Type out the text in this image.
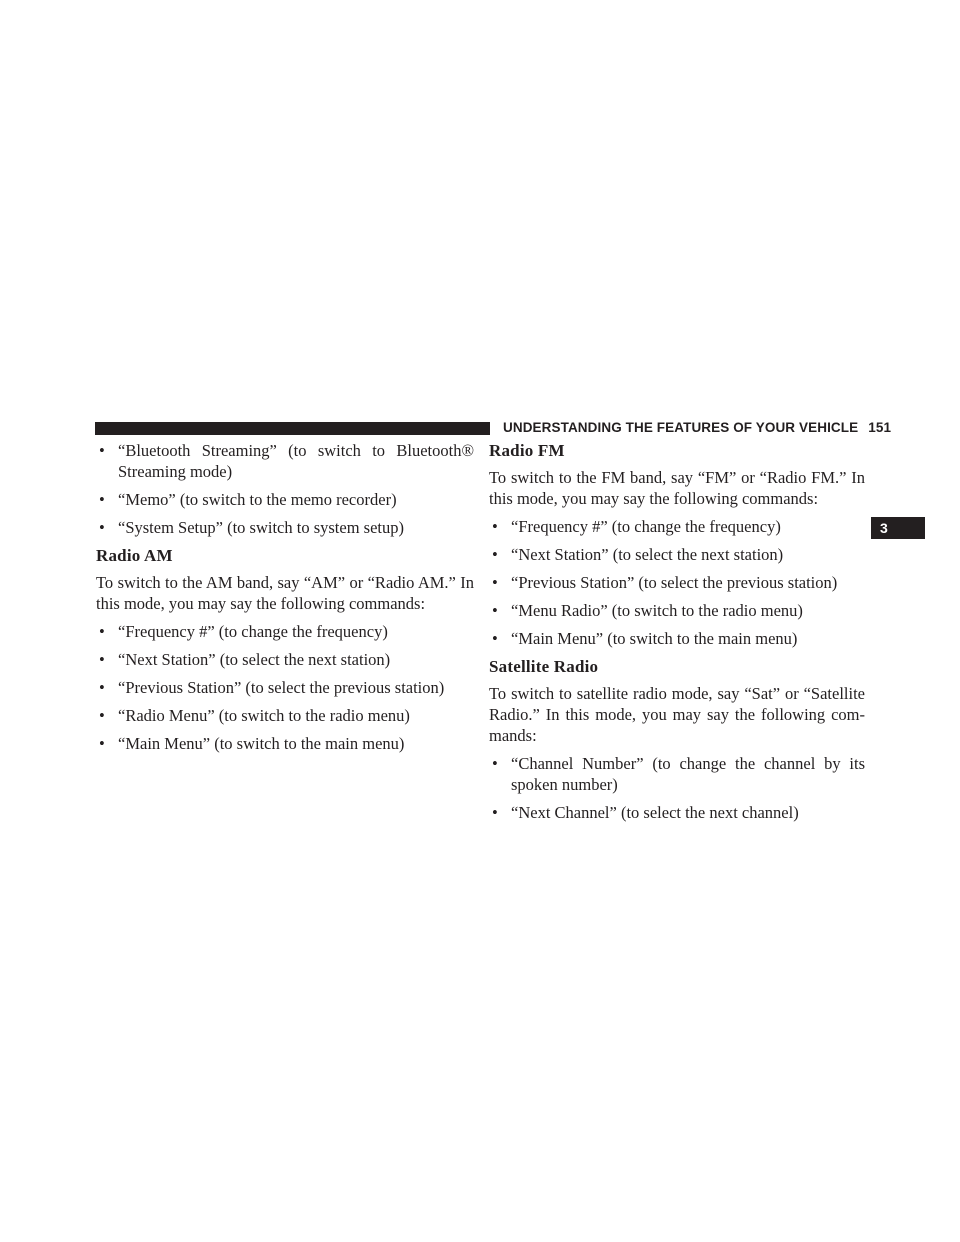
UNDERSTANDING THE FEATURES OF YOUR VEHICLE 151
3
• “Bluetooth Streaming” (to switch to Bluetooth® Streaming mode)
• “Memo” (to switch to the memo recorder)
• “System Setup” (to switch to system setup)
Radio AM
To switch to the AM band, say “AM” or “Radio AM.” In this mode, you may say the following commands:
• “Frequency #” (to change the frequency)
• “Next Station” (to select the next station)
• “Previous Station” (to select the previous station)
• “Radio Menu” (to switch to the radio menu)
• “Main Menu” (to switch to the main menu)
Radio FM
To switch to the FM band, say “FM” or “Radio FM.” In this mode, you may say the following commands:
• “Frequency #” (to change the frequency)
• “Next Station” (to select the next station)
• “Previous Station” (to select the previous station)
• “Menu Radio” (to switch to the radio menu)
• “Main Menu” (to switch to the main menu)
Satellite Radio
To switch to satellite radio mode, say “Sat” or “Satellite Radio.” In this mode, you may say the following com- mands:
• “Channel Number” (to change the channel by its spoken number)
• “Next Channel” (to select the next channel)
